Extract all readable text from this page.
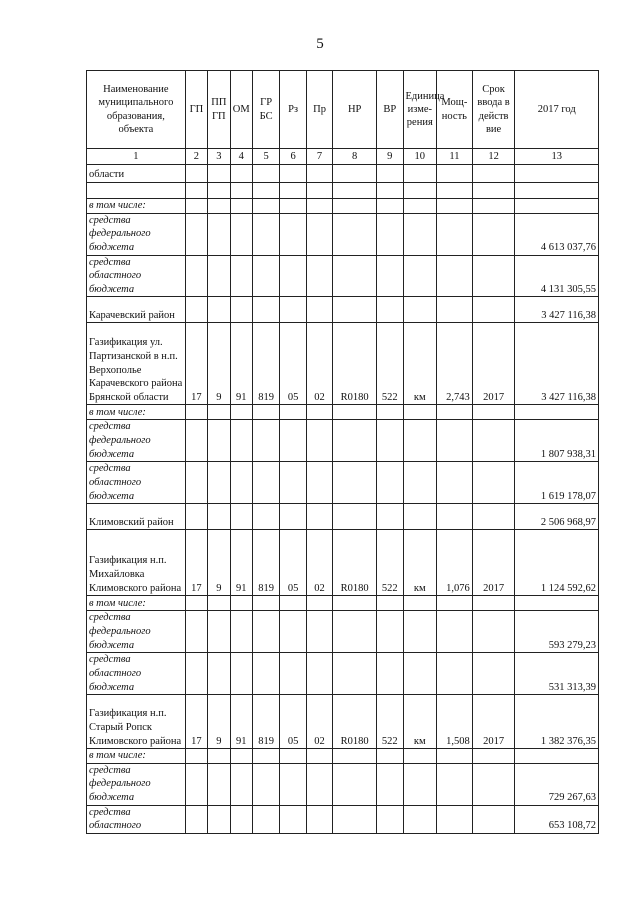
5
Наименование муниципального образования, объекта	ГП	ПП ГП	ОМ	ГР БС	Рз	Пр	НР	ВР	Единица изме-рения	Мощ-ность	Срок ввода в действ вие	2017 год
1	2	3	4	5	6	7	8	9	10	11	12	13
области												

в том числе:												
средства федерального бюджета												4 613 037,76
средства областного бюджета												4 131 305,55
Карачевский район												3 427 116,38
Газификация ул. Партизанской в н.п. Верхополье Карачевского района Брянской области	17	9	91	819	05	02	R0180	522	км	2,743	2017	3 427 116,38
в том числе:												
средства федерального бюджета												1 807 938,31
средства областного бюджета												1 619 178,07
Климовский район												2 506 968,97
Газификация н.п. Михайловка Климовского района	17	9	91	819	05	02	R0180	522	км	1,076	2017	1 124 592,62
в том числе:												
средства федерального бюджета												593 279,23
средства областного бюджета												531 313,39
Газификация н.п. Старый Ропск Климовского района	17	9	91	819	05	02	R0180	522	км	1,508	2017	1 382 376,35
в том числе:												
средства федерального бюджета												729 267,63
средства областного												653 108,72
